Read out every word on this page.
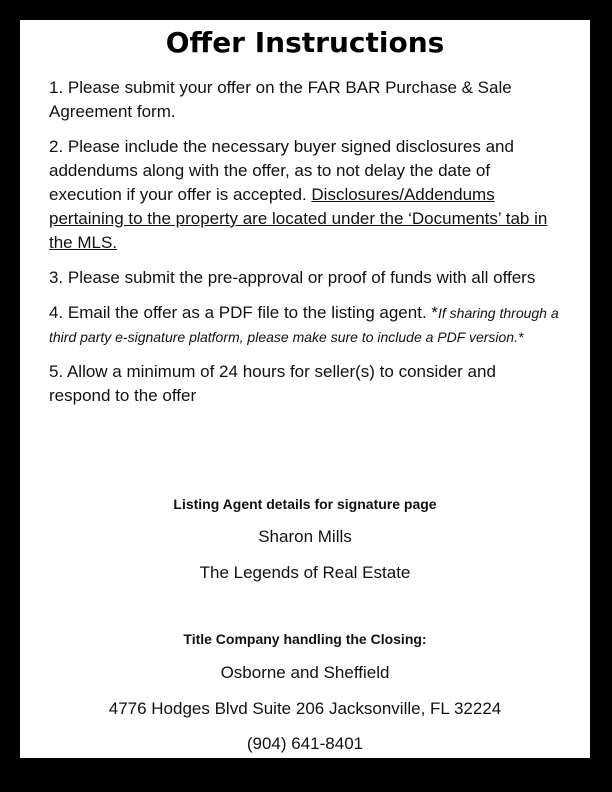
Offer Instructions

1. Please submit your offer on the FAR BAR Purchase & Sale Agreement form.

2. Please include the necessary buyer signed disclosures and addendums along with the offer, as to not delay the date of execution if your offer is accepted. Disclosures/Addendums pertaining to the property are located under the ‘Documents’ tab in the MLS.

3. Please submit the pre-approval or proof of funds with all offers

4. Email the offer as a PDF file to the listing agent. *If sharing through a third party e-signature platform, please make sure to include a PDF version.*

5. Allow a minimum of 24 hours for seller(s) to consider and respond to the offer

Listing Agent details for signature page
Sharon Mills
The Legends of Real Estate
Title Company handling the Closing:
Osborne and Sheffield
4776 Hodges Blvd Suite 206 Jacksonville, FL 32224
(904) 641-8401
